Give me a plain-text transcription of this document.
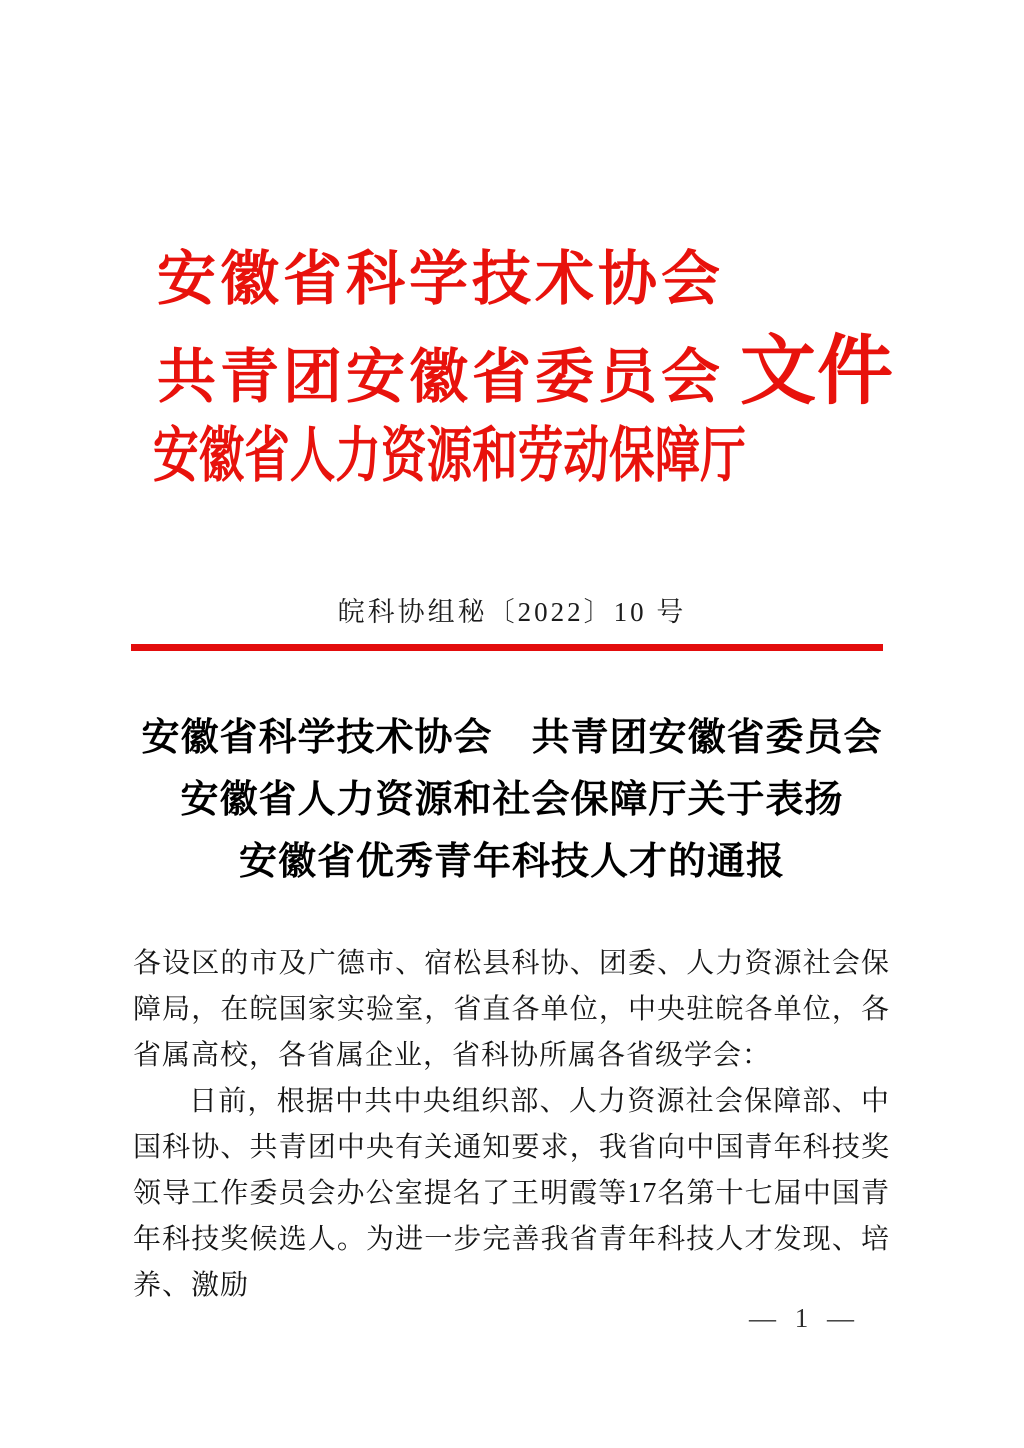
安徽省科学技术协会
共青团安徽省委员会 文件
安徽省人力资源和劳动保障厅
皖科协组秘〔2022〕10 号
安徽省科学技术协会　共青团安徽省委员会
安徽省人力资源和社会保障厅关于表扬
安徽省优秀青年科技人才的通报

各设区的市及广德市、宿松县科协、团委、人力资源社会保障局，在皖国家实验室，省直各单位，中央驻皖各单位，各省属高校，各省属企业，省科协所属各省级学会：

日前，根据中共中央组织部、人力资源社会保障部、中国科协、共青团中央有关通知要求，我省向中国青年科技奖领导工作委员会办公室提名了王明霞等17名第十七届中国青年科技奖候选人。为进一步完善我省青年科技人才发现、培养、激励

— 1 —
